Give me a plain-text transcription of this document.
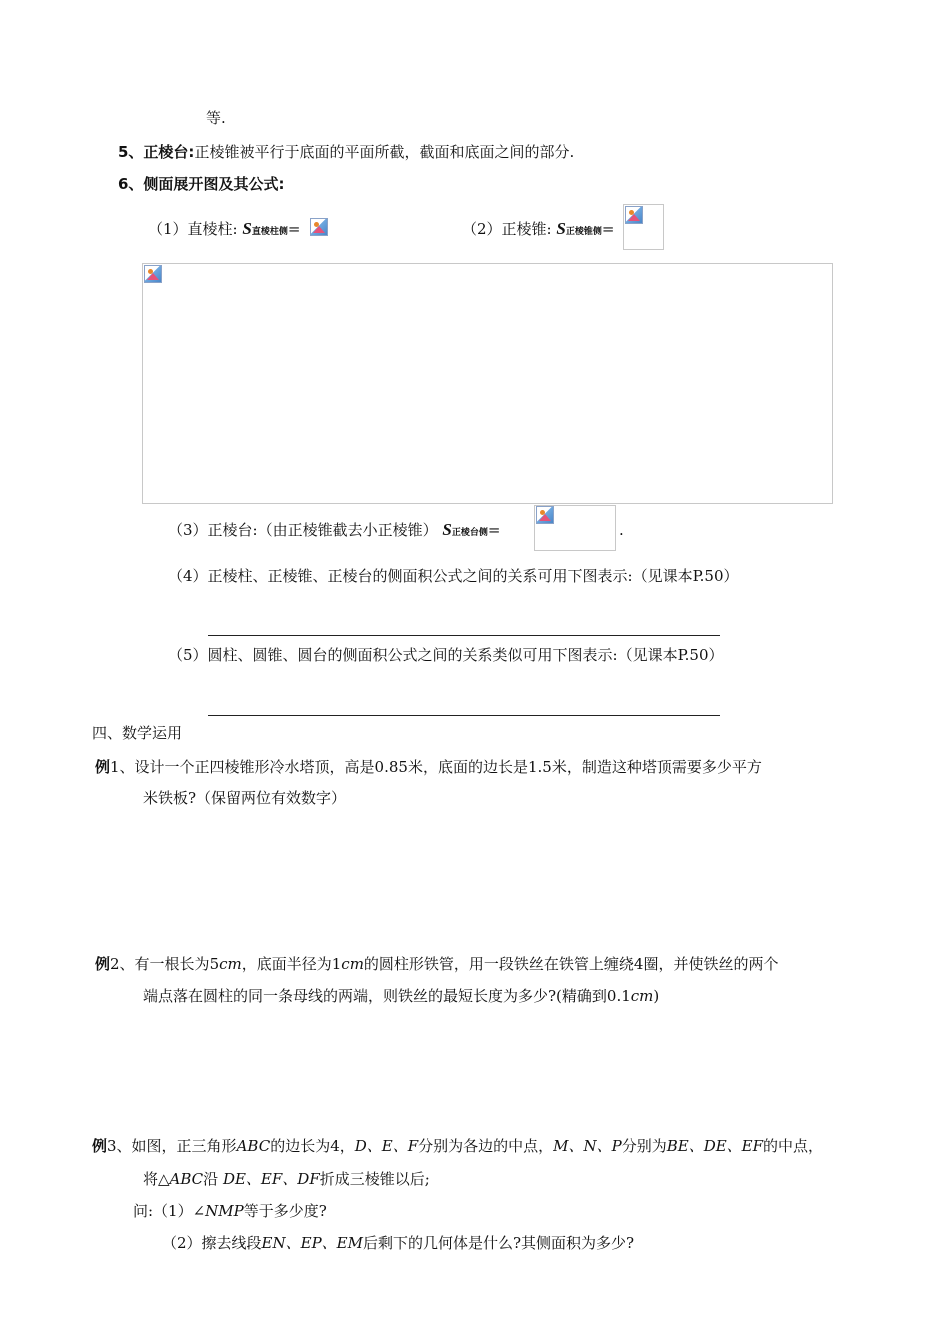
等.
5、正棱台:正棱锥被平行于底面的平面所截，截面和底面之间的部分.
6、侧面展开图及其公式:
（1）直棱柱: S直棱柱侧=	（2）正棱锥: S正棱锥侧=
（3）正棱台:（由正棱锥截去小正棱锥） S正棱台侧=	.
（4）正棱柱、正棱锥、正棱台的侧面积公式之间的关系可用下图表示:（见课本P.50）
（5）圆柱、圆锥、圆台的侧面积公式之间的关系类似可用下图表示:（见课本P.50）
四、数学运用
例1、设计一个正四棱锥形冷水塔顶，高是0.85米，底面的边长是1.5米，制造这种塔顶需要多少平方
米铁板?（保留两位有效数字）
例2、有一根长为5cm，底面半径为1cm的圆柱形铁管，用一段铁丝在铁管上缠绕4圈，并使铁丝的两个
端点落在圆柱的同一条母线的两端，则铁丝的最短长度为多少?(精确到0.1cm)
例3、如图，正三角形ABC的边长为4，D、E、F分别为各边的中点，M、N、P分别为BE、DE、EF的中点，
将△ABC沿 DE、EF、DF折成三棱锥以后;
问:（1）∠NMP等于多少度?
（2）擦去线段EN、EP、EM后剩下的几何体是什么?其侧面积为多少?
